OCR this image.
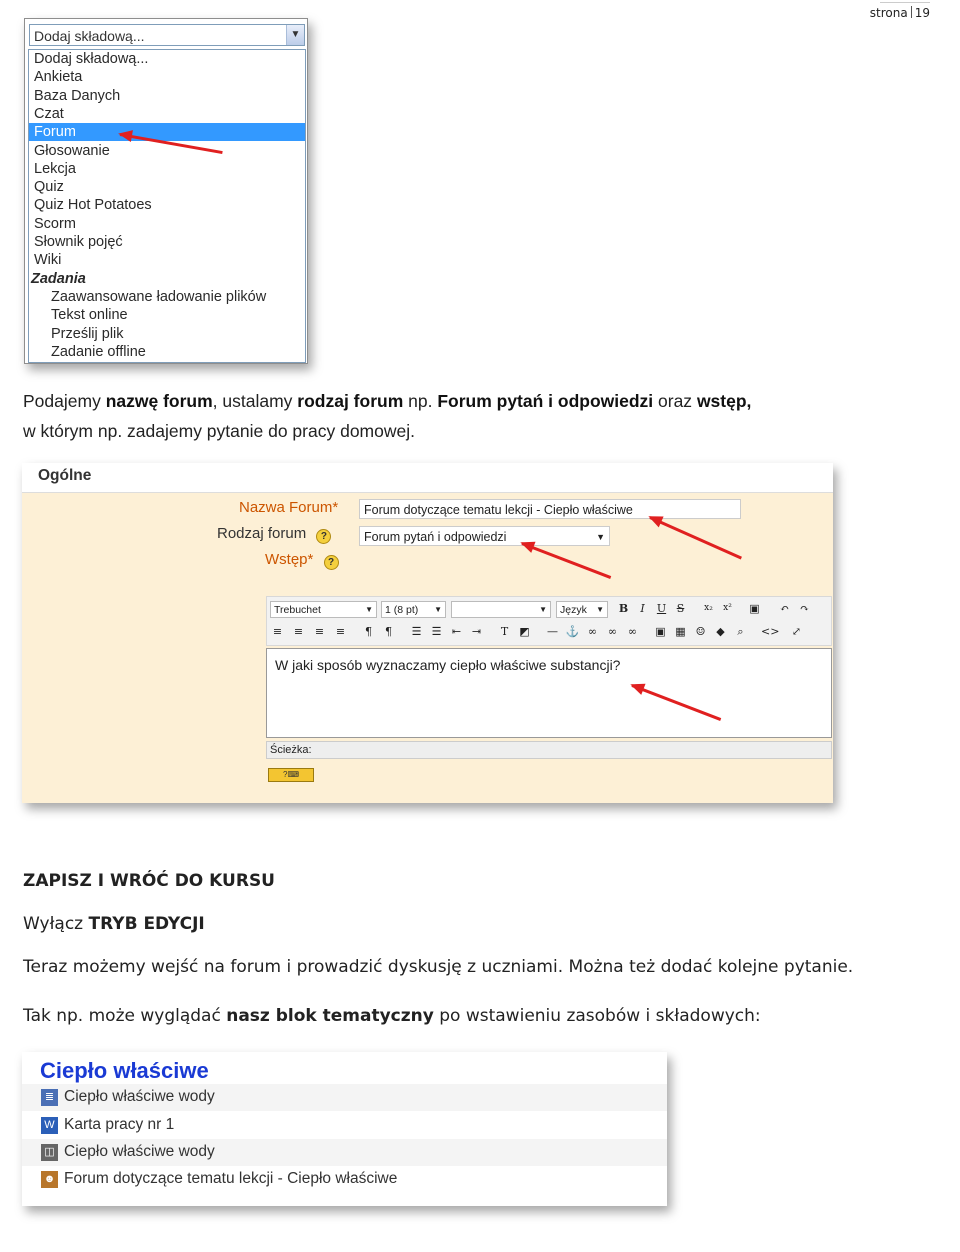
strona 19
Dodaj składową...	▼
Dodaj składową...
Ankieta
Baza Danych
Czat
Forum
Głosowanie
Lekcja
Quiz
Quiz Hot Potatoes
Scorm
Słownik pojęć
Wiki
Zadania
Zaawansowane ładowanie plików
Tekst online
Prześlij plik
Zadanie offline
Podajemy nazwę forum, ustalamy rodzaj forum np. Forum pytań i odpowiedzi oraz wstęp,
w którym np. zadajemy pytanie do pracy domowej.
Ogólne
Nazwa Forum*	Forum dotyczące tematu lekcji - Ciepło właściwe
Rodzaj forum ?	Forum pytań i odpowiedzi	▼
Wstęp* ?
Trebuchet	▼	1 (8 pt) ▼	▼	Język ▼ B	I	U S	x₂	x² ▣ ↶ ↷
≡ ≡ ≡ ≡	¶	¶	☰ ☰ ⇤ ⇥	T	◩ — ⚓ ∞ ∞ ∞ ▣ ▦ ☺ ◆	⌕	<> ⤢
W jaki sposób wyznaczamy ciepło właściwe substancji?
Ścieżka:
?⌨
ZAPISZ I WRÓĆ DO KURSU
Wyłącz TRYB EDYCJI
Teraz możemy wejść na forum i prowadzić dyskusję z uczniami. Można też dodać kolejne pytanie.
Tak np. może wyglądać nasz blok tematyczny po wstawieniu zasobów i składowych:
Ciepło właściwe
≣ Ciepło właściwe wody
W Karta pracy nr 1
◫ Ciepło właściwe wody
☻ Forum dotyczące tematu lekcji - Ciepło właściwe
